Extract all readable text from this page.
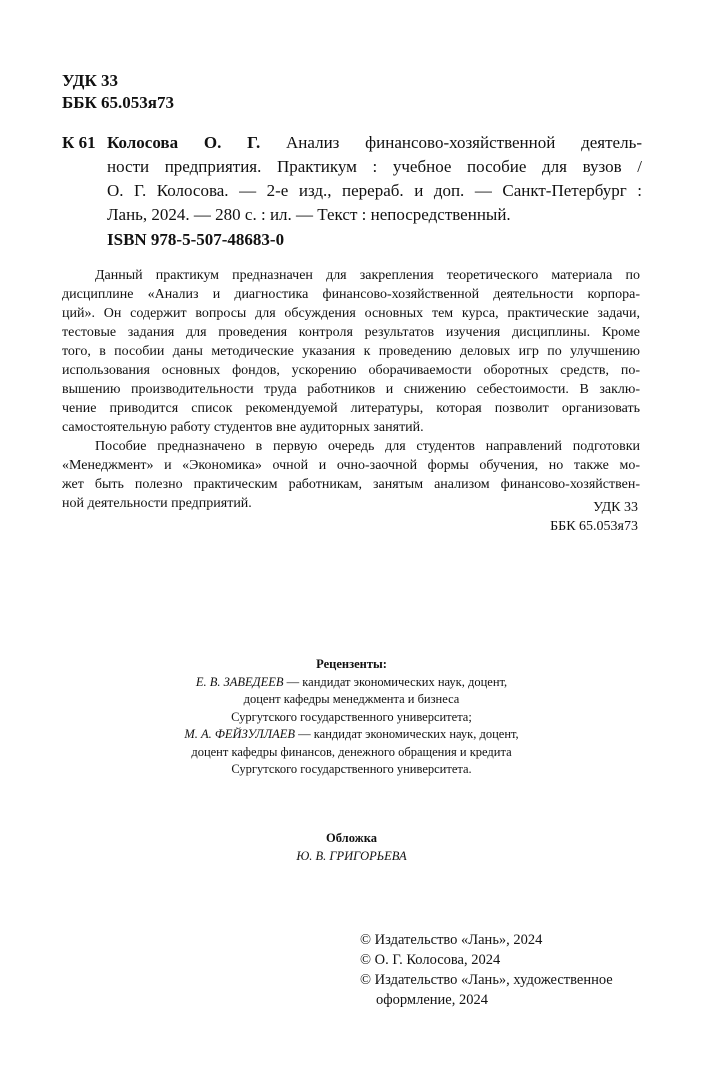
УДК 33
ББК 65.053я73
К 61 Колосова О. Г. Анализ финансово-хозяйственной деятель-
ности предприятия. Практикум : учебное пособие для вузов /
О. Г. Колосова. — 2-е изд., перераб. и доп. — Санкт-Петербург :
Лань, 2024. — 280 с. : ил. — Текст : непосредственный.
ISBN 978-5-507-48683-0
Данный практикум предназначен для закрепления теоретического материала по
дисциплине «Анализ и диагностика финансово-хозяйственной деятельности корпора-
ций». Он содержит вопросы для обсуждения основных тем курса, практические задачи,
тестовые задания для проведения контроля результатов изучения дисциплины. Кроме
того, в пособии даны методические указания к проведению деловых игр по улучшению
использования основных фондов, ускорению оборачиваемости оборотных средств, по-
вышению производительности труда работников и снижению себестоимости. В заклю-
чение приводится список рекомендуемой литературы, которая позволит организовать
самостоятельную работу студентов вне аудиторных занятий.
Пособие предназначено в первую очередь для студентов направлений подготовки
«Менеджмент» и «Экономика» очной и очно-заочной формы обучения, но также мо-
жет быть полезно практическим работникам, занятым анализом финансово-хозяйствен-
ной деятельности предприятий.	УДК 33
ББК 65.053я73
Рецензенты:
Е. В. ЗАВЕДЕЕВ — кандидат экономических наук, доцент,
доцент кафедры менеджмента и бизнеса
Сургутского государственного университета;
М. А. ФЕЙЗУЛЛАЕВ — кандидат экономических наук, доцент,
доцент кафедры финансов, денежного обращения и кредита
Сургутского государственного университета.
Обложка
Ю. В. ГРИГОРЬЕВА
© Издательство «Лань», 2024
© О. Г. Колосова, 2024
© Издательство «Лань», художественное
оформление, 2024
